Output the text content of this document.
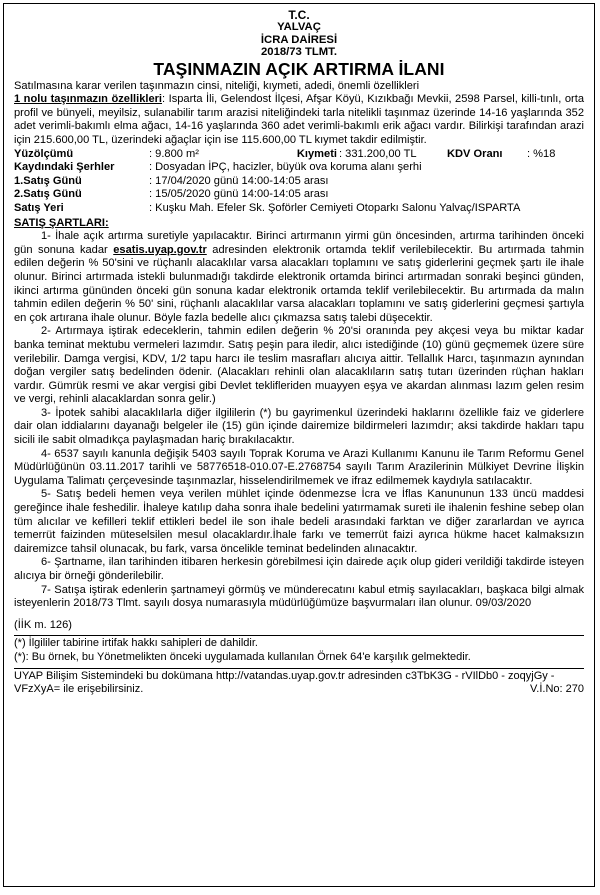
T.C.
YALVAÇ
İCRA DAİRESİ
2018/73 TLMT.
TAŞINMAZIN AÇIK ARTIRMA İLANI
Satılmasına karar verilen taşınmazın cinsi, niteliği, kıymeti, adedi, önemli özellikleri
1 nolu taşınmazın özellikleri: Isparta İli, Gelendost İlçesi, Afşar Köyü, Kızıkbağı Mevkii, 2598 Parsel, killi-tınlı, orta profil ve bünyeli, meyilsiz, sulanabilir tarım arazisi niteliğindeki tarla nitelikli taşınmaz üzerinde 14-16 yaşlarında 352 adet verimli-bakımlı elma ağacı, 14-16 yaşlarında 360 adet verimli-bakımlı erik ağacı vardır. Bilirkişi tarafından arazi için 215.600,00 TL, üzerindeki ağaçlar için ise 115.600,00 TL kıymet takdir edilmiştir.
Yüzölçümü	: 9.800 m²	Kıymeti	: 331.200,00 TL	KDV Oranı	: %18
Kaydındaki Şerhler	: Dosyadan İPÇ, hacizler, büyük ova koruma alanı şerhi				
1.Satış Günü	: 17/04/2020 günü 14:00-14:05 arası				
2.Satış Günü	: 15/05/2020 günü 14:00-14:05 arası				
Satış Yeri	: Kuşku Mah. Efeler Sk. Şoförler Cemiyeti Otoparkı Salonu Yalvaç/ISPARTA				
SATIŞ ŞARTLARI:
1- İhale açık artırma suretiyle yapılacaktır. Birinci artırmanın yirmi gün öncesinden, artırma tarihinden önceki gün sonuna kadar esatis.uyap.gov.tr adresinden elektronik ortamda teklif verilebilecektir. Bu artırmada tahmin edilen değerin % 50'sini ve rüçhanlı alacaklılar varsa alacakları toplamını ve satış giderlerini geçmek şartı ile ihale olunur. Birinci artırmada istekli bulunmadığı takdirde elektronik ortamda birinci artırmadan sonraki beşinci günden, ikinci artırma gününden önceki gün sonuna kadar elektronik ortamda teklif verilebilecektir. Bu artırmada da malın tahmin edilen değerin % 50' sini, rüçhanlı alacaklılar varsa alacakları toplamını ve satış giderlerini geçmesi şartıyla en çok artırana ihale olunur. Böyle fazla bedelle alıcı çıkmazsa satış talebi düşecektir.
2- Artırmaya iştirak edeceklerin, tahmin edilen değerin % 20'si oranında pey akçesi veya bu miktar kadar banka teminat mektubu vermeleri lazımdır. Satış peşin para iledir, alıcı istediğinde (10) günü geçmemek üzere süre verilebilir. Damga vergisi, KDV, 1/2 tapu harcı ile teslim masrafları alıcıya aittir. Tellallık Harcı, taşınmazın aynından doğan vergiler satış bedelinden ödenir. (Alacakları rehinli olan alacaklıların satış tutarı üzerinden rüçhan hakları vardır. Gümrük resmi ve akar vergisi gibi Devlet teklifleriden muayyen eşya ve akardan alınması lazım gelen resim ve vergi, rehinli alacaklardan sonra gelir.)
3- İpotek sahibi alacaklılarla diğer ilgililerin (*) bu gayrimenkul üzerindeki haklarını özellikle faiz ve giderlere dair olan iddialarını dayanağı belgeler ile (15) gün içinde dairemize bildirmeleri lazımdır; aksi takdirde hakları tapu sicili ile sabit olmadıkça paylaşmadan hariç bırakılacaktır.
4- 6537 sayılı kanunla değişik 5403 sayılı Toprak Koruma ve Arazi Kullanımı Kanunu ile Tarım Reformu Genel Müdürlüğünün 03.11.2017 tarihli ve 58776518-010.07-E.2768754 sayılı Tarım Arazilerinin Mülkiyet Devrine İlişkin Uygulama Talimatı çerçevesinde taşınmazlar, hisselendirilmemek ve ifraz edilmemek kaydıyla satılacaktır.
5- Satış bedeli hemen veya verilen mühlet içinde ödenmezse İcra ve İflas Kanununun 133 üncü maddesi gereğince ihale feshedilir. İhaleye katılıp daha sonra ihale bedelini yatırmamak sureti ile ihalenin feshine sebep olan tüm alıcılar ve kefilleri teklif ettikleri bedel ile son ihale bedeli arasındaki farktan ve diğer zararlardan ve ayrıca temerrüt faizinden müteselsilen mesul olacaklardır.İhale farkı ve temerrüt faizi ayrıca hükme hacet kalmaksızın dairemizce tahsil olunacak, bu fark, varsa öncelikle teminat bedelinden alınacaktır.
6- Şartname, ilan tarihinden itibaren herkesin görebilmesi için dairede açık olup gideri verildiği takdirde isteyen alıcıya bir örneği gönderilebilir.
7- Satışa iştirak edenlerin şartnameyi görmüş ve münderecatını kabul etmiş sayılacakları, başkaca bilgi almak isteyenlerin 2018/73 Tlmt. sayılı dosya numarasıyla müdürlüğümüze başvurmaları ilan olunur. 09/03/2020
(İİK m. 126)
(*) İlgililer tabirine irtifak hakkı sahipleri de dahildir.
(*): Bu örnek, bu Yönetmelikten önceki uygulamada kullanılan Örnek 64'e karşılık gelmektedir.
UYAP Bilişim Sistemindeki bu dokümana http://vatandas.uyap.gov.tr adresinden c3TbK3G - rVIlDb0 - zoqyjGy - VFzXyA= ile erişebilirsiniz.	V.İ.No: 270
